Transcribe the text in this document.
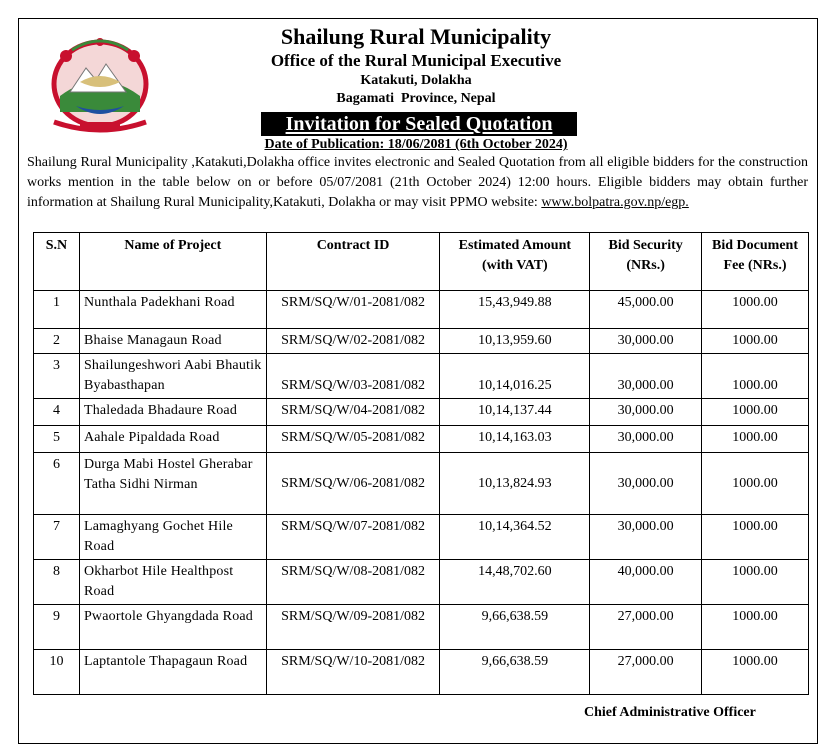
Shailung Rural Municipality
Office of the Rural Municipal Executive
Katakuti, Dolakha
Bagamati  Province, Nepal
Invitation for Sealed Quotation
Date of Publication: 18/06/2081 (6th October 2024)
Shailung Rural Municipality ,Katakuti,Dolakha office invites electronic and Sealed Quotation from all eligible bidders for the construction works mention in the table below on or before 05/07/2081 (21th October 2024) 12:00 hours. Eligible bidders may obtain further information at Shailung Rural Municipality,Katakuti, Dolakha or may visit PPMO website: www.bolpatra.gov.np/egp.
S.N	Name of Project	Contract ID	Estimated Amount (with VAT)	Bid Security (NRs.)	Bid Document Fee (NRs.)
1	Nunthala Padekhani Road	SRM/SQ/W/01-2081/082	15,43,949.88	45,000.00	1000.00
2	Bhaise Managaun Road	SRM/SQ/W/02-2081/082	10,13,959.60	30,000.00	1000.00
3	Shailungeshwori Aabi Bhautik Byabasthapan	SRM/SQ/W/03-2081/082	10,14,016.25	30,000.00	1000.00
4	Thaledada Bhadaure Road	SRM/SQ/W/04-2081/082	10,14,137.44	30,000.00	1000.00
5	Aahale Pipaldada Road	SRM/SQ/W/05-2081/082	10,14,163.03	30,000.00	1000.00
6	Durga Mabi Hostel Gherabar Tatha Sidhi Nirman	SRM/SQ/W/06-2081/082	10,13,824.93	30,000.00	1000.00
7	Lamaghyang Gochet Hile Road	SRM/SQ/W/07-2081/082	10,14,364.52	30,000.00	1000.00
8	Okharbot Hile Healthpost Road	SRM/SQ/W/08-2081/082	14,48,702.60	40,000.00	1000.00
9	Pwaortole Ghyangdada Road	SRM/SQ/W/09-2081/082	9,66,638.59	27,000.00	1000.00
10	Laptantole Thapagaun Road	SRM/SQ/W/10-2081/082	9,66,638.59	27,000.00	1000.00
Chief Administrative Officer
